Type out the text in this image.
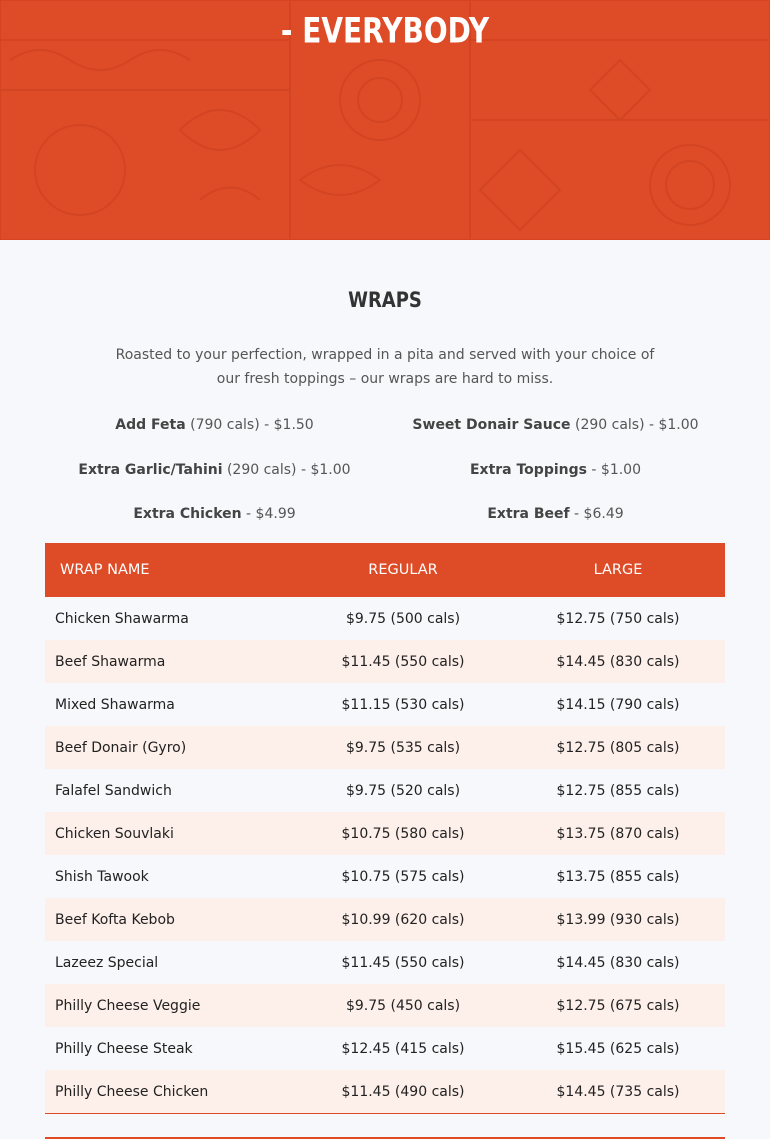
- EVERYBODY
WRAPS
Roasted to your perfection, wrapped in a pita and served with your choice of our fresh toppings – our wraps are hard to miss.
Add Feta (790 cals) - $1.50	Sweet Donair Sauce (290 cals) - $1.00
Extra Garlic/Tahini (290 cals) - $1.00	Extra Toppings - $1.00
Extra Chicken - $4.99	Extra Beef - $6.49
WRAP NAME	REGULAR	LARGE
Chicken Shawarma	$9.75 (500 cals)	$12.75 (750 cals)
Beef Shawarma	$11.45 (550 cals)	$14.45 (830 cals)
Mixed Shawarma	$11.15 (530 cals)	$14.15 (790 cals)
Beef Donair (Gyro)	$9.75 (535 cals)	$12.75 (805 cals)
Falafel Sandwich	$9.75 (520 cals)	$12.75 (855 cals)
Chicken Souvlaki	$10.75 (580 cals)	$13.75 (870 cals)
Shish Tawook	$10.75 (575 cals)	$13.75 (855 cals)
Beef Kofta Kebob	$10.99 (620 cals)	$13.99 (930 cals)
Lazeez Special	$11.45 (550 cals)	$14.45 (830 cals)
Philly Cheese Veggie	$9.75 (450 cals)	$12.75 (675 cals)
Philly Cheese Steak	$12.45 (415 cals)	$15.45 (625 cals)
Philly Cheese Chicken	$11.45 (490 cals)	$14.45 (735 cals)
